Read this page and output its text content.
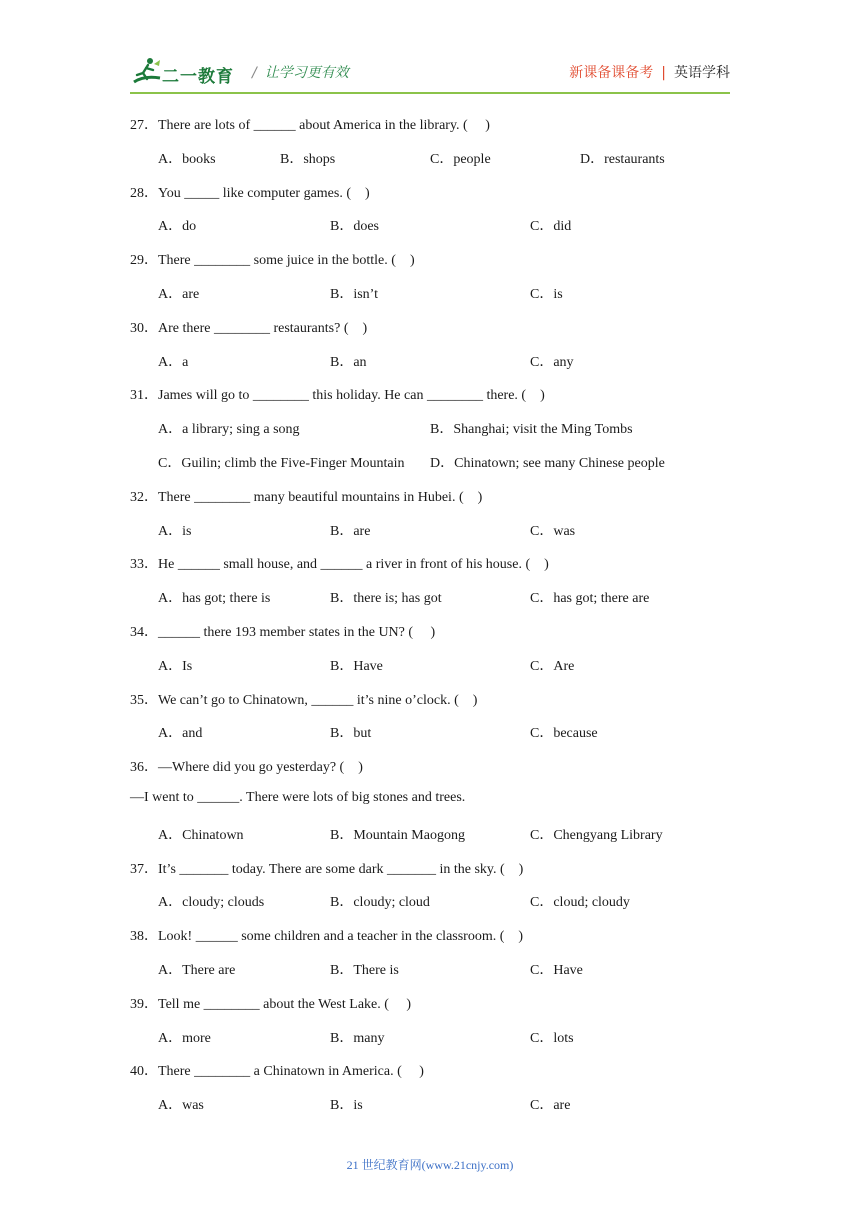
二一教育 / 让学习更有效	新课备课备考 | 英语学科
27．There are lots of ______ about America in the library. (     )
A．books	B．shops	C．people	D．restaurants
28．You _____ like computer games. (    )
A．do	B．does	C．did
29．There ________ some juice in the bottle. (    )
A．are	B．isn’t	C．is
30．Are there ________ restaurants? (    )
A．a	B．an	C．any
31．James will go to ________ this holiday. He can ________ there. (    )
A．a library; sing a song	B．Shanghai; visit the Ming Tombs
C．Guilin; climb the Five-Finger Mountain D．Chinatown; see many Chinese people
32．There ________ many beautiful mountains in Hubei. (    )
A．is	B．are	C．was
33．He ______ small house, and ______ a river in front of his house. (    )
A．has got; there is	B．there is; has got	C．has got; there are
34．______ there 193 member states in the UN? (     )
A．Is	B．Have	C．Are
35．We can’t go to Chinatown, ______ it’s nine o’clock. (    )
A．and	B．but	C．because
36．—Where did you go yesterday? (    )
—I went to ______. There were lots of big stones and trees.
A．Chinatown	B．Mountain Maogong	C．Chengyang Library
37．It’s _______ today. There are some dark _______ in the sky. (    )
A．cloudy; clouds	B．cloudy; cloud	C．cloud; cloudy
38．Look! ______ some children and a teacher in the classroom. (    )
A．There are	B．There is	C．Have
39．Tell me ________ about the West Lake. (     )
A．more	B．many	C．lots
40．There ________ a Chinatown in America. (     )
A．was	B．is	C．are
21 世纪教育网(www.21cnjy.com)
